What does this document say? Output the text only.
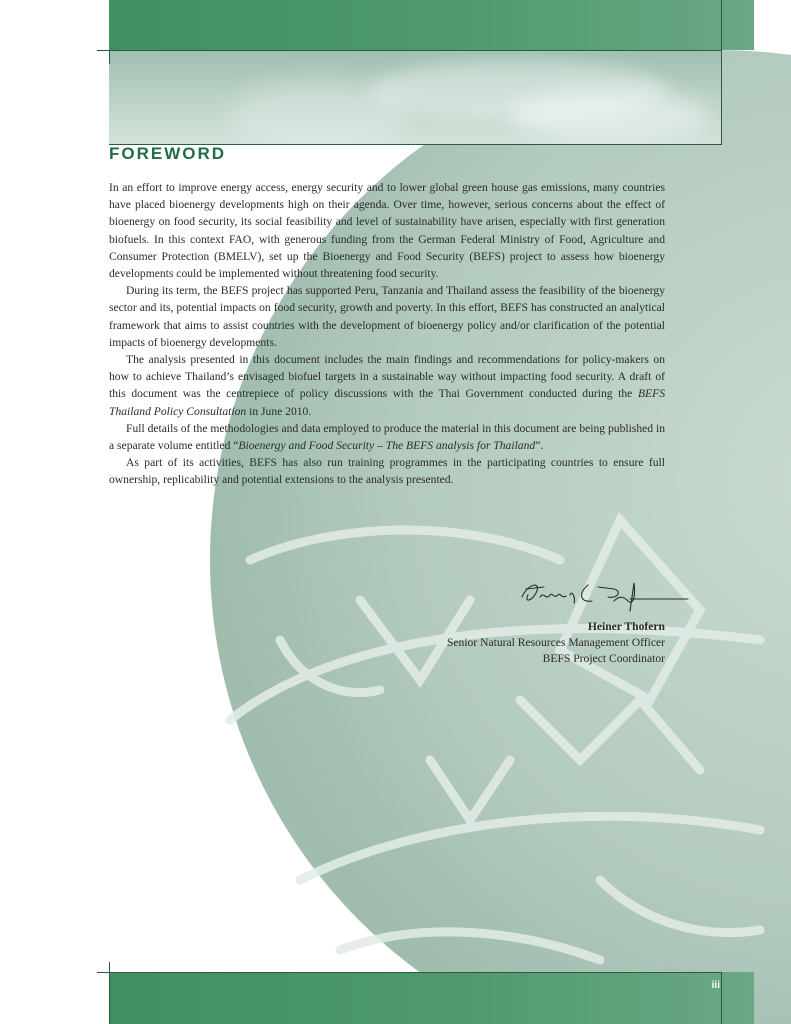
FOREWORD

In an effort to improve energy access, energy security and to lower global green house gas emissions, many countries have placed bioenergy developments high on their agenda. Over time, however, serious concerns about the effect of bioenergy on food security, its social feasibility and level of sustainability have arisen, especially with first generation biofuels. In this context FAO, with generous funding from the German Federal Ministry of Food, Agriculture and Consumer Protection (BMELV), set up the Bioenergy and Food Security (BEFS) project to assess how bioenergy developments could be implemented without threatening food security.

During its term, the BEFS project has supported Peru, Tanzania and Thailand assess the feasibility of the bioenergy sector and its, potential impacts on food security, growth and poverty. In this effort, BEFS has constructed an analytical framework that aims to assist countries with the development of bioenergy policy and/or clarification of the potential impacts of bioenergy developments.

The analysis presented in this document includes the main findings and recommendations for policy-makers on how to achieve Thailand’s envisaged biofuel targets in a sustainable way without impacting food security. A draft of this document was the centrepiece of policy discussions with the Thai Government conducted during the BEFS Thailand Policy Consultation in June 2010.

Full details of the methodologies and data employed to produce the material in this document are being published in a separate volume entitled “Bioenergy and Food Security – The BEFS analysis for Thailand”.

As part of its activities, BEFS has also run training programmes in the participating countries to ensure full ownership, replicability and potential extensions to the analysis presented.

Heiner Thofern
Senior Natural Resources Management Officer
BEFS Project Coordinator
iii
